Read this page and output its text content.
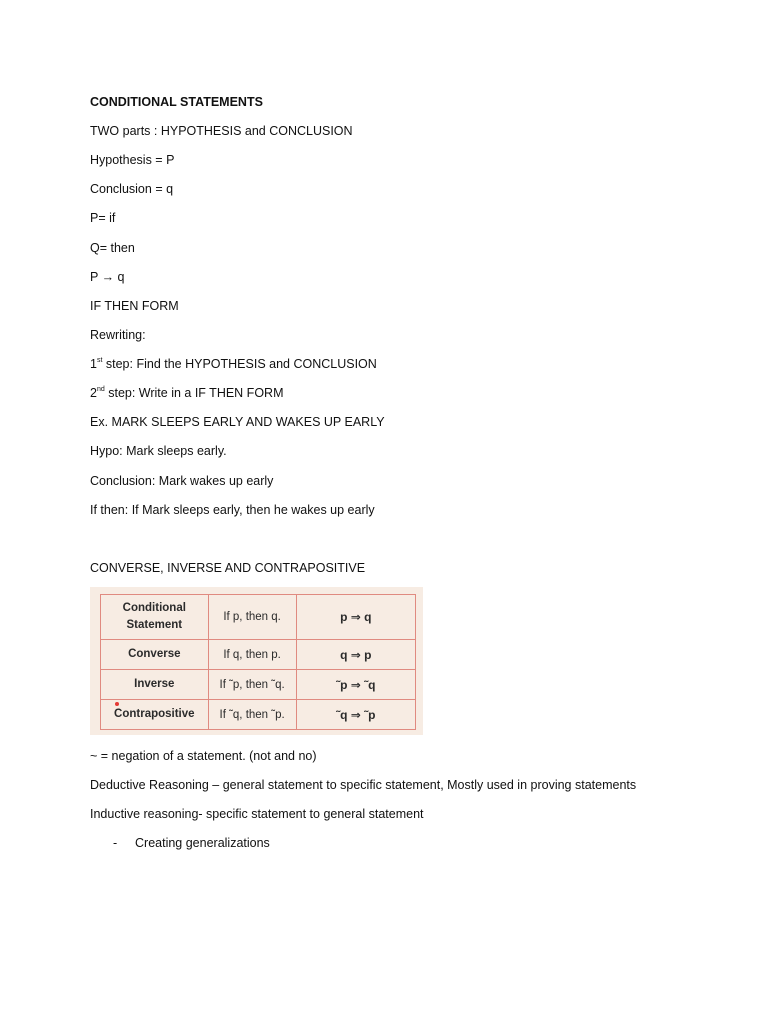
CONDITIONAL STATEMENTS
TWO parts : HYPOTHESIS and CONCLUSION
Hypothesis = P
Conclusion = q
P= if
Q= then
P → q
IF THEN FORM
Rewriting:
1st step: Find the HYPOTHESIS and CONCLUSION
2nd step: Write in a IF THEN FORM
Ex. MARK SLEEPS EARLY AND WAKES UP EARLY
Hypo: Mark sleeps early.
Conclusion: Mark wakes up early
If then: If Mark sleeps early, then he wakes up early
CONVERSE, INVERSE AND CONTRAPOSITIVE
Conditional
Statement	If p, then q.	p ⇒ q
Converse	If q, then p.	q ⇒ p
Inverse	If ˜p, then ˜q.	˜p ⇒ ˜q
Contrapositive	If ˜q, then ˜p.	˜q ⇒ ˜p
~ = negation of a statement. (not and no)
Deductive Reasoning – general statement to specific statement, Mostly used in proving statements
Inductive reasoning- specific statement to general statement
- Creating generalizations
